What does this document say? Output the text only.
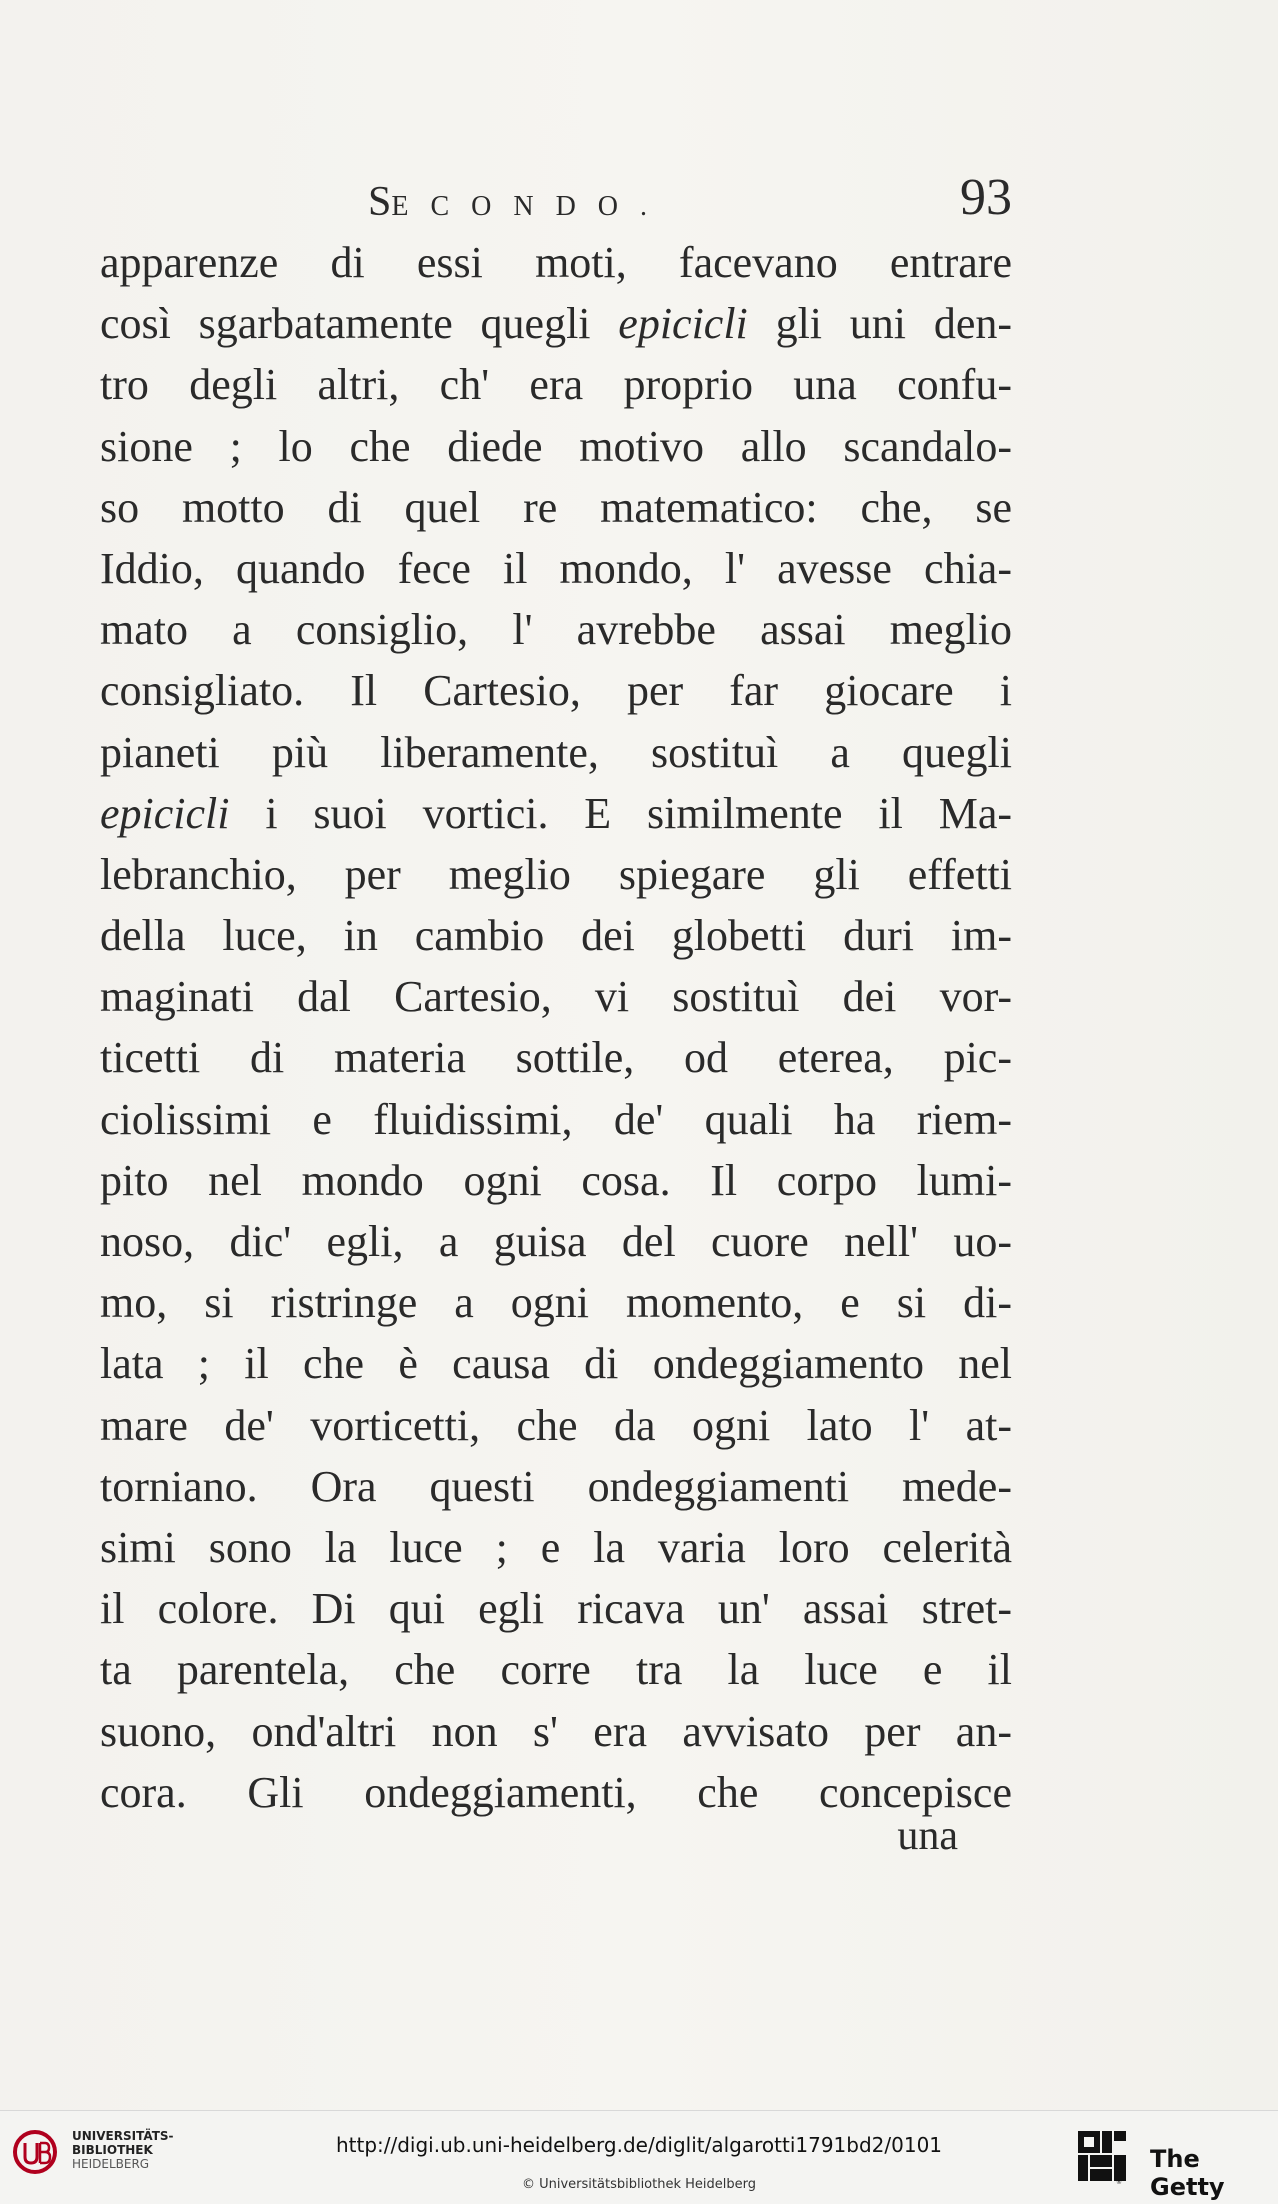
SECONDO.	93
apparenze di essi moti, facevano entrare
così sgarbatamente quegli epicicli gli uni den-
tro degli altri, ch' era proprio una confu-
sione ; lo che diede motivo allo scandalo-
so motto di quel re matematico: che, se
Iddio, quando fece il mondo, l' avesse chia-
mato a consiglio, l' avrebbe assai meglio
consigliato. Il Cartesio, per far giocare i
pianeti più liberamente, sostituì a quegli
epicicli i suoi vortici. E similmente il Ma-
lebranchio, per meglio spiegare gli effetti
della luce, in cambio dei globetti duri im-
maginati dal Cartesio, vi sostituì dei vor-
ticetti di materia sottile, od eterea, pic-
ciolissimi e fluidissimi, de' quali ha riem-
pito nel mondo ogni cosa. Il corpo lumi-
noso, dic' egli, a guisa del cuore nell' uo-
mo, si ristringe a ogni momento, e si di-
lata ; il che è causa di ondeggiamento nel
mare de' vorticetti, che da ogni lato l' at-
torniano. Ora questi ondeggiamenti mede-
simi sono la luce ; e la varia loro celerità
il colore. Di qui egli ricava un' assai stret-
ta parentela, che corre tra la luce e il
suono, ond'altri non s' era avvisato per an-
cora. Gli ondeggiamenti, che concepisce
una
UNIVERSITÄTS-
BIBLIOTHEK
HEIDELBERG
http://digi.ub.uni-heidelberg.de/diglit/algarotti1791bd2/0101
© Universitätsbibliothek Heidelberg	®
The Getty
